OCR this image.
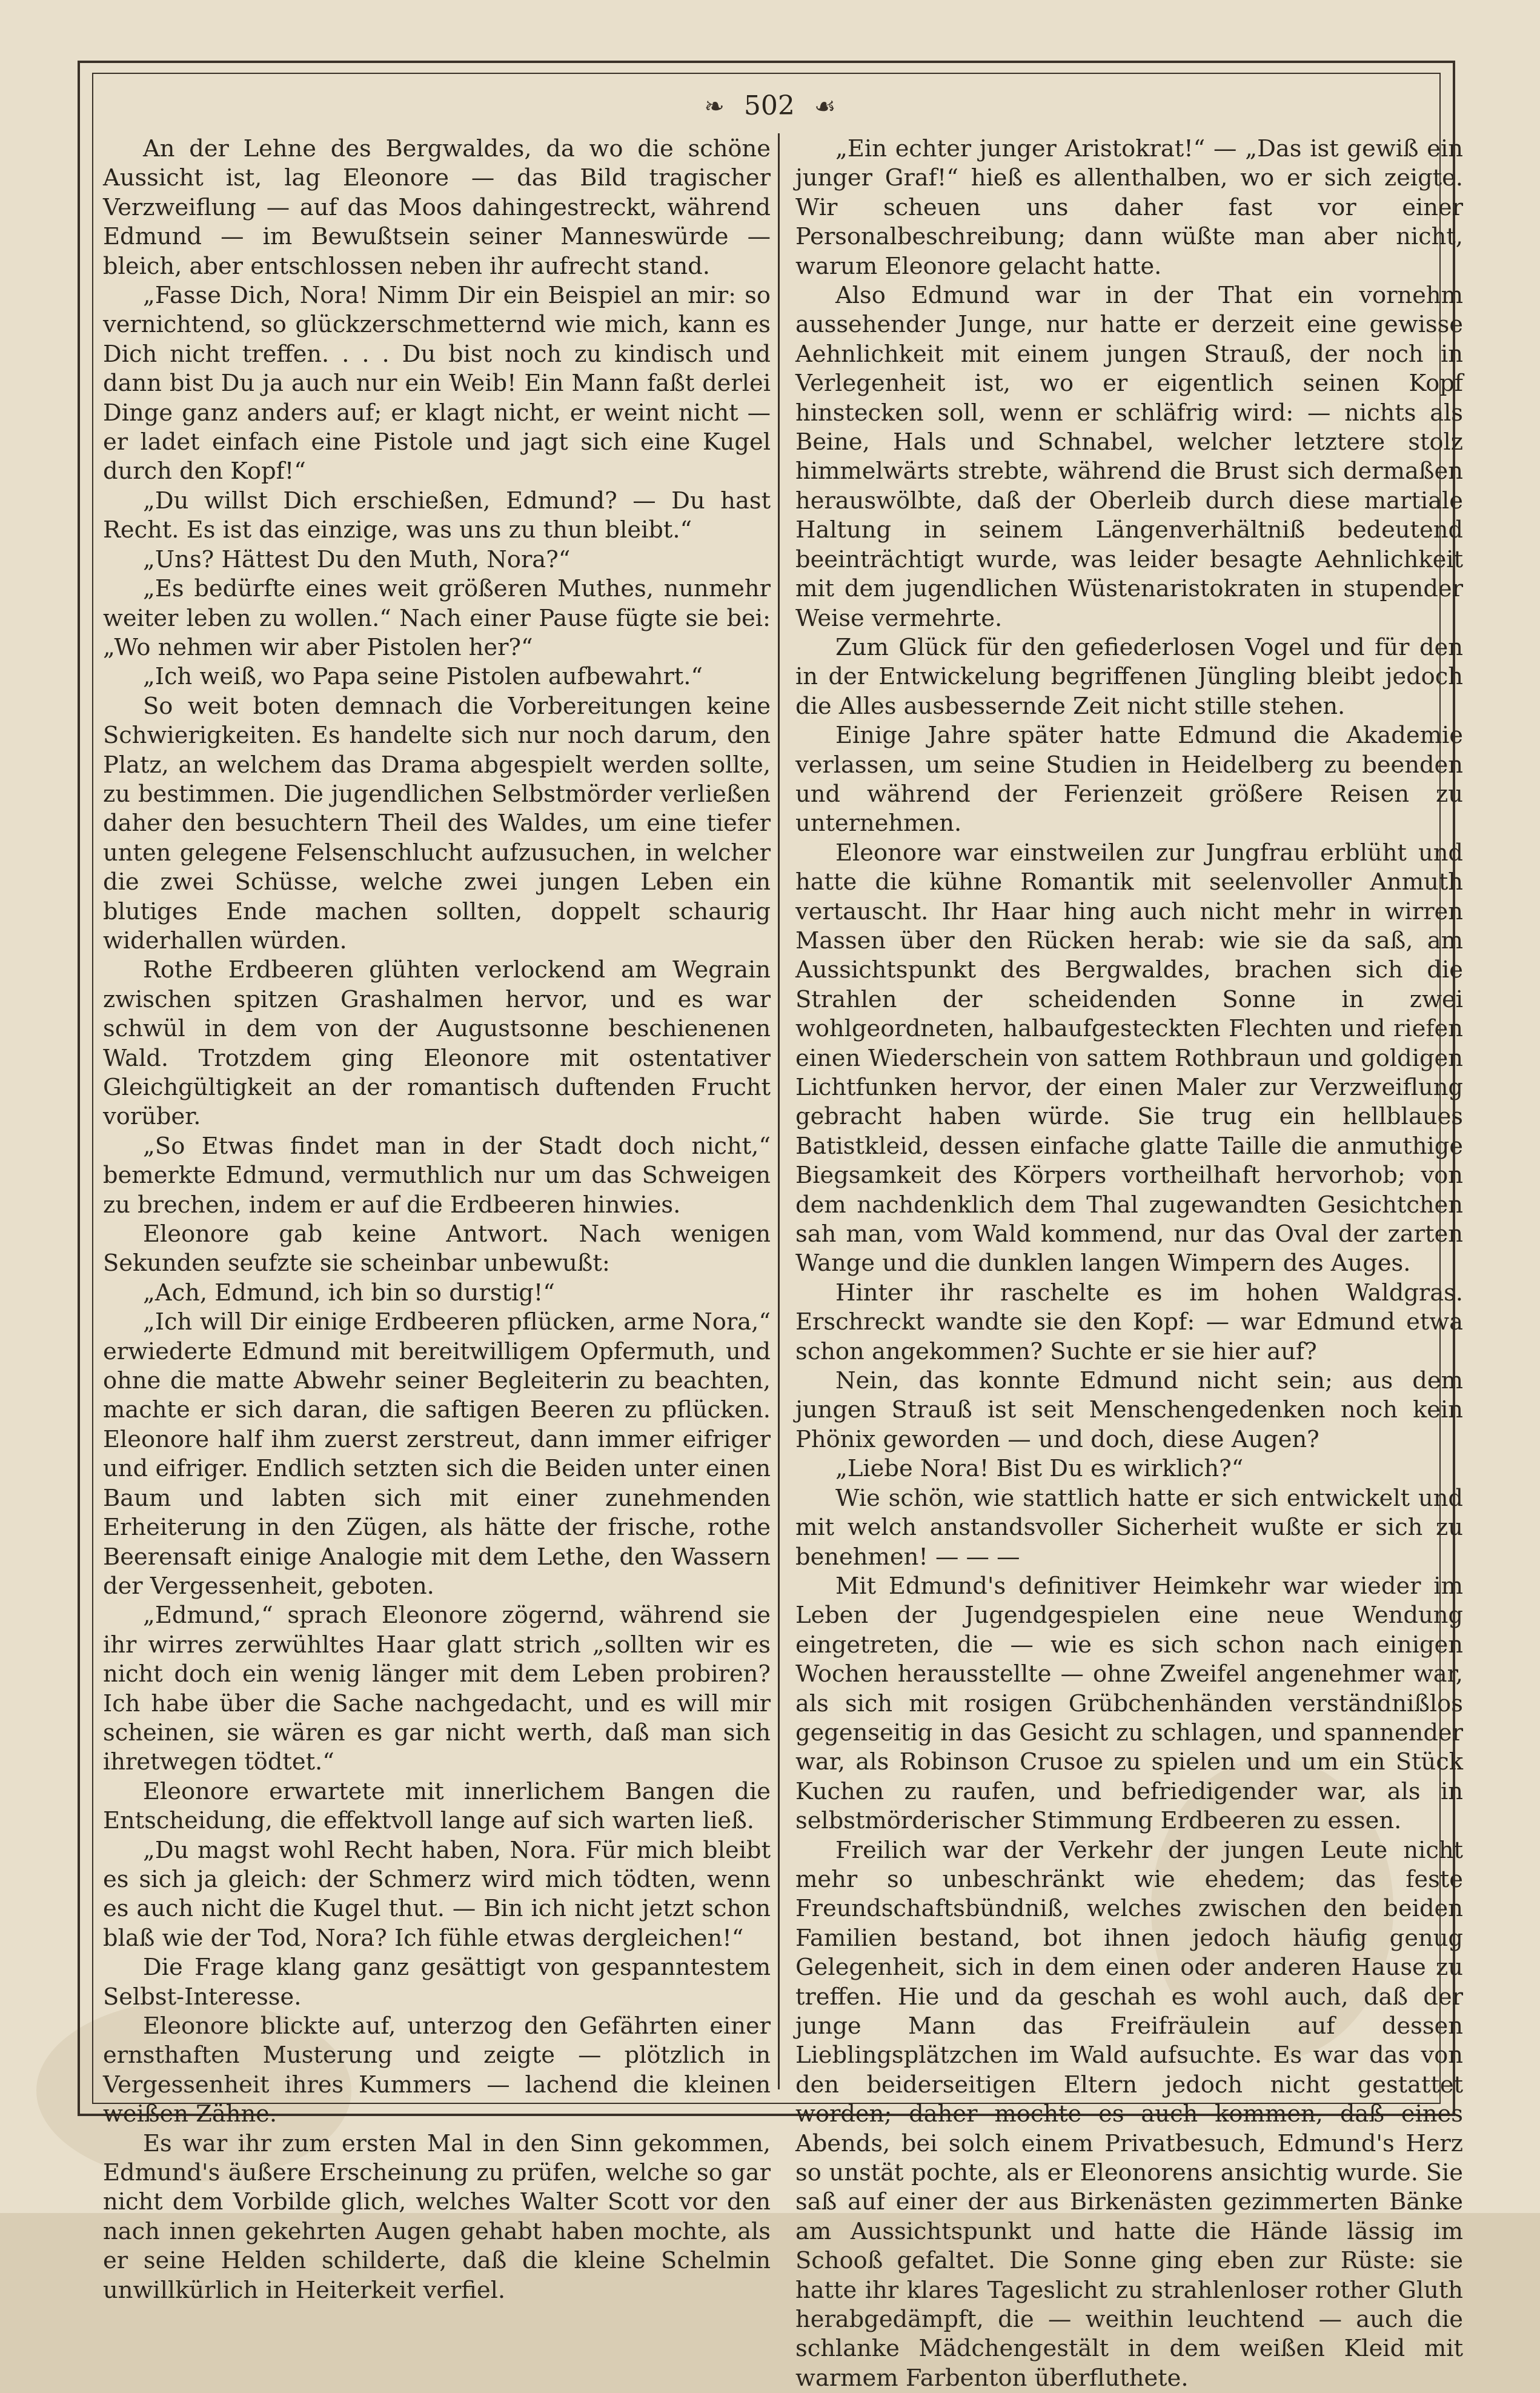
❧ 502 ☙

An der Lehne des Bergwaldes, da wo die schöne Aussicht ist, lag Eleonore — das Bild tragischer Verzweiflung — auf das Moos dahingestreckt, während Edmund — im Bewußtsein seiner Manneswürde — bleich, aber entschlossen neben ihr aufrecht stand.

„Fasse Dich, Nora! Nimm Dir ein Beispiel an mir: so vernichtend, so glückzerschmetternd wie mich, kann es Dich nicht treffen. . . . Du bist noch zu kindisch und dann bist Du ja auch nur ein Weib! Ein Mann faßt derlei Dinge ganz anders auf; er klagt nicht, er weint nicht — er ladet einfach eine Pistole und jagt sich eine Kugel durch den Kopf!“

„Du willst Dich erschießen, Edmund? — Du hast Recht. Es ist das einzige, was uns zu thun bleibt.“

„Uns? Hättest Du den Muth, Nora?“

„Es bedürfte eines weit größeren Muthes, nunmehr weiter leben zu wollen.“ Nach einer Pause fügte sie bei: „Wo nehmen wir aber Pistolen her?“

„Ich weiß, wo Papa seine Pistolen aufbewahrt.“

So weit boten demnach die Vorbereitungen keine Schwierigkeiten. Es handelte sich nur noch darum, den Platz, an welchem das Drama abgespielt werden sollte, zu bestimmen. Die jugendlichen Selbstmörder verließen daher den besuchtern Theil des Waldes, um eine tiefer unten gelegene Felsenschlucht aufzusuchen, in welcher die zwei Schüsse, welche zwei jungen Leben ein blutiges Ende machen sollten, doppelt schaurig widerhallen würden.

Rothe Erdbeeren glühten verlockend am Wegrain zwischen spitzen Grashalmen hervor, und es war schwül in dem von der Augustsonne beschienenen Wald. Trotzdem ging Eleonore mit ostentativer Gleichgültigkeit an der romantisch duftenden Frucht vorüber.

„So Etwas findet man in der Stadt doch nicht,“ bemerkte Edmund, vermuthlich nur um das Schweigen zu brechen, indem er auf die Erdbeeren hinwies.

Eleonore gab keine Antwort. Nach wenigen Sekunden seufzte sie scheinbar unbewußt:

„Ach, Edmund, ich bin so durstig!“

„Ich will Dir einige Erdbeeren pflücken, arme Nora,“ erwiederte Edmund mit bereitwilligem Opfermuth, und ohne die matte Abwehr seiner Begleiterin zu beachten, machte er sich daran, die saftigen Beeren zu pflücken. Eleonore half ihm zuerst zerstreut, dann immer eifriger und eifriger. Endlich setzten sich die Beiden unter einen Baum und labten sich mit einer zunehmenden Erheiterung in den Zügen, als hätte der frische, rothe Beerensaft einige Analogie mit dem Lethe, den Wassern der Vergessenheit, geboten.

„Edmund,“ sprach Eleonore zögernd, während sie ihr wirres zerwühltes Haar glatt strich „sollten wir es nicht doch ein wenig länger mit dem Leben probiren? Ich habe über die Sache nachgedacht, und es will mir scheinen, sie wären es gar nicht werth, daß man sich ihretwegen tödtet.“

Eleonore erwartete mit innerlichem Bangen die Entscheidung, die effektvoll lange auf sich warten ließ.

„Du magst wohl Recht haben, Nora. Für mich bleibt es sich ja gleich: der Schmerz wird mich tödten, wenn es auch nicht die Kugel thut. — Bin ich nicht jetzt schon blaß wie der Tod, Nora? Ich fühle etwas dergleichen!“

Die Frage klang ganz gesättigt von gespanntestem Selbst-Interesse.

Eleonore blickte auf, unterzog den Gefährten einer ernsthaften Musterung und zeigte — plötzlich in Vergessenheit ihres Kummers — lachend die kleinen weißen Zähne.

Es war ihr zum ersten Mal in den Sinn gekommen, Edmund's äußere Erscheinung zu prüfen, welche so gar nicht dem Vorbilde glich, welches Walter Scott vor den nach innen gekehrten Augen gehabt haben mochte, als er seine Helden schilderte, daß die kleine Schelmin unwillkürlich in Heiterkeit verfiel.

„Ein echter junger Aristokrat!“ — „Das ist gewiß ein junger Graf!“ hieß es allenthalben, wo er sich zeigte. Wir scheuen uns daher fast vor einer Personalbeschreibung; dann wüßte man aber nicht, warum Eleonore gelacht hatte.

Also Edmund war in der That ein vornehm aussehender Junge, nur hatte er derzeit eine gewisse Aehnlichkeit mit einem jungen Strauß, der noch in Verlegenheit ist, wo er eigentlich seinen Kopf hinstecken soll, wenn er schläfrig wird: — nichts als Beine, Hals und Schnabel, welcher letztere stolz himmelwärts strebte, während die Brust sich dermaßen herauswölbte, daß der Oberleib durch diese martiale Haltung in seinem Längenverhältniß bedeutend beeinträchtigt wurde, was leider besagte Aehnlichkeit mit dem jugendlichen Wüstenaristokraten in stupender Weise vermehrte.

Zum Glück für den gefiederlosen Vogel und für den in der Entwickelung begriffenen Jüngling bleibt jedoch die Alles ausbessernde Zeit nicht stille stehen.

Einige Jahre später hatte Edmund die Akademie verlassen, um seine Studien in Heidelberg zu beenden und während der Ferienzeit größere Reisen zu unternehmen.

Eleonore war einstweilen zur Jungfrau erblüht und hatte die kühne Romantik mit seelenvoller Anmuth vertauscht. Ihr Haar hing auch nicht mehr in wirren Massen über den Rücken herab: wie sie da saß, am Aussichtspunkt des Bergwaldes, brachen sich die Strahlen der scheidenden Sonne in zwei wohlgeordneten, halbaufgesteckten Flechten und riefen einen Wiederschein von sattem Rothbraun und goldigen Lichtfunken hervor, der einen Maler zur Verzweiflung gebracht haben würde. Sie trug ein hellblaues Batistkleid, dessen einfache glatte Taille die anmuthige Biegsamkeit des Körpers vortheilhaft hervorhob; von dem nachdenklich dem Thal zugewandten Gesichtchen sah man, vom Wald kommend, nur das Oval der zarten Wange und die dunklen langen Wimpern des Auges.

Hinter ihr raschelte es im hohen Waldgras. Erschreckt wandte sie den Kopf: — war Edmund etwa schon angekommen? Suchte er sie hier auf?

Nein, das konnte Edmund nicht sein; aus dem jungen Strauß ist seit Menschengedenken noch kein Phönix geworden — und doch, diese Augen?

„Liebe Nora! Bist Du es wirklich?“

Wie schön, wie stattlich hatte er sich entwickelt und mit welch anstandsvoller Sicherheit wußte er sich zu benehmen! — — —

Mit Edmund's definitiver Heimkehr war wieder im Leben der Jugendgespielen eine neue Wendung eingetreten, die — wie es sich schon nach einigen Wochen herausstellte — ohne Zweifel angenehmer war, als sich mit rosigen Grübchenhänden verständnißlos gegenseitig in das Gesicht zu schlagen, und spannender war, als Robinson Crusoe zu spielen und um ein Stück Kuchen zu raufen, und befriedigender war, als in selbstmörderischer Stimmung Erdbeeren zu essen.

Freilich war der Verkehr der jungen Leute nicht mehr so unbeschränkt wie ehedem; das feste Freundschaftsbündniß, welches zwischen den beiden Familien bestand, bot ihnen jedoch häufig genug Gelegenheit, sich in dem einen oder anderen Hause zu treffen. Hie und da geschah es wohl auch, daß der junge Mann das Freifräulein auf dessen Lieblingsplätzchen im Wald aufsuchte. Es war das von den beiderseitigen Eltern jedoch nicht gestattet worden; daher mochte es auch kommen, daß eines Abends, bei solch einem Privatbesuch, Edmund's Herz so unstät pochte, als er Eleonorens ansichtig wurde. Sie saß auf einer der aus Birkenästen gezimmerten Bänke am Aussichtspunkt und hatte die Hände lässig im Schooß gefaltet. Die Sonne ging eben zur Rüste: sie hatte ihr klares Tageslicht zu strahlenloser rother Gluth herabgedämpft, die — weithin leuchtend — auch die schlanke Mädchengestält in dem weißen Kleid mit warmem Farbenton überfluthete.
